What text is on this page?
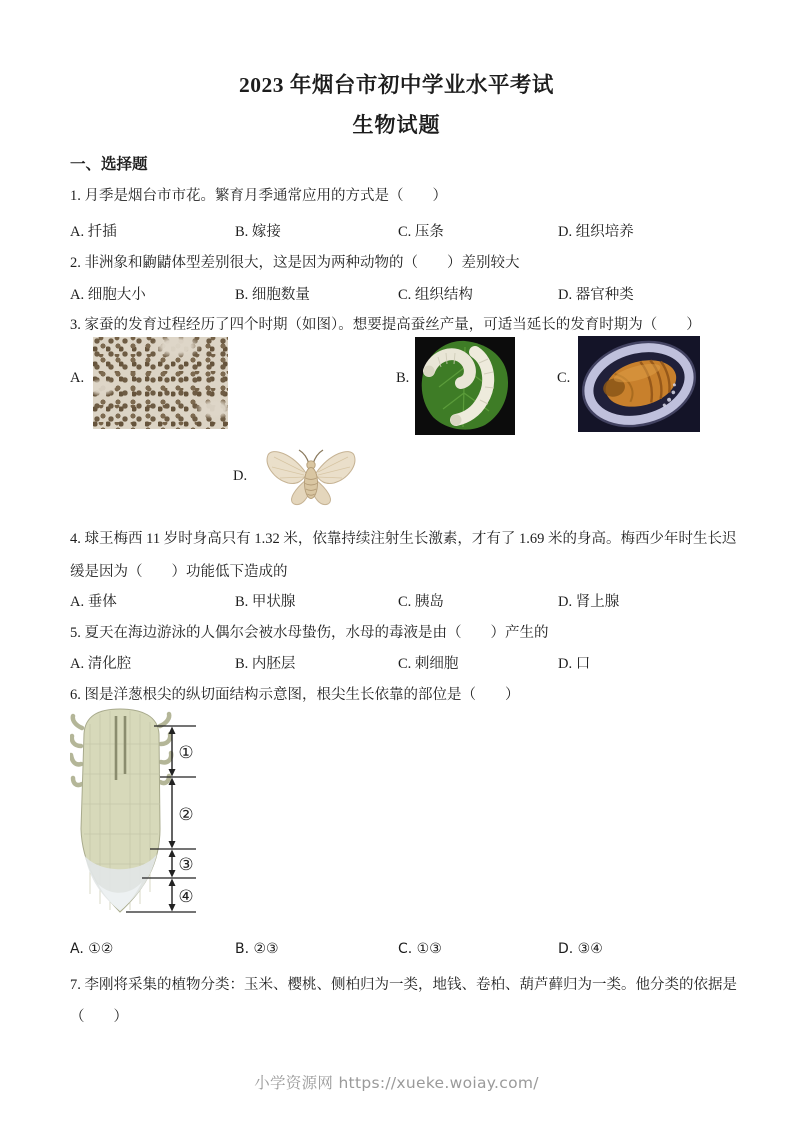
2023 年烟台市初中学业水平考试
生物试题
一、选择题
1. 月季是烟台市市花。繁育月季通常应用的方式是（　　）
A. 扦插	B. 嫁接	C. 压条	D. 组织培养
2. 非洲象和鼩鼱体型差别很大，这是因为两种动物的（　　）差别较大
A. 细胞大小	B. 细胞数量	C. 组织结构	D. 器官种类
3. 家蚕的发育过程经历了四个时期（如图）。想要提高蚕丝产量，可适当延长的发育时期为（　　）
A.	B.	C.
D.
4. 球王梅西 11 岁时身高只有 1.32 米，依靠持续注射生长激素，才有了 1.69 米的身高。梅西少年时生长迟
缓是因为（　　）功能低下造成的
A. 垂体	B. 甲状腺	C. 胰岛	D. 肾上腺
5. 夏天在海边游泳的人偶尔会被水母蛰伤，水母的毒液是由（　　）产生的
A. 清化腔	B. 内胚层	C. 刺细胞	D. 口
6. 图是洋葱根尖的纵切面结构示意图，根尖生长依靠的部位是（　　）
①
②
③
④
A. ①②	B. ②③	C. ①③	D. ③④
7. 李刚将采集的植物分类：玉米、樱桃、侧柏归为一类，地钱、卷柏、葫芦藓归为一类。他分类的依据是
（　　）
小学资源网 https://xueke.woiay.com/
